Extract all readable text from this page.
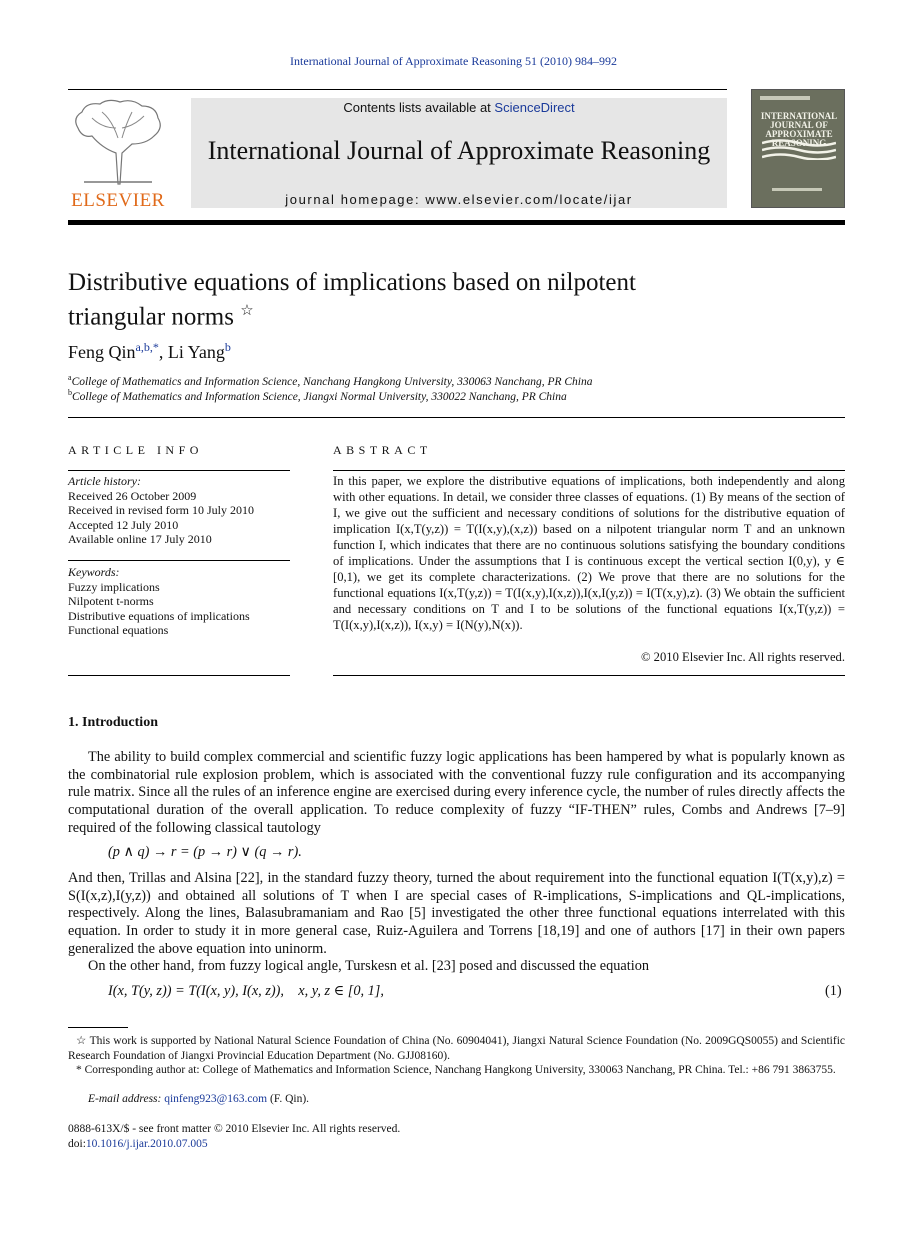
International Journal of Approximate Reasoning 51 (2010) 984–992
ELSEVIER
Contents lists available at ScienceDirect
International Journal of Approximate Reasoning
journal homepage: www.elsevier.com/locate/ijar
INTERNATIONAL JOURNAL OF APPROXIMATE REASONING
Distributive equations of implications based on nilpotent
triangular norms ☆
Feng Qin$^{a,b,*}$, Li Yang$^b$
$^a$College of Mathematics and Information Science, Nanchang Hangkong University, 330063 Nanchang, PR China
$^b$College of Mathematics and Information Science, Jiangxi Normal University, 330022 Nanchang, PR China
ARTICLE INFO
Article history:
Received 26 October 2009
Received in revised form 10 July 2010
Accepted 12 July 2010
Available online 17 July 2010
Keywords:
Fuzzy implications
Nilpotent t-norms
Distributive equations of implications
Functional equations
ABSTRACT
In this paper, we explore the distributive equations of implications, both independently and along with other equations. In detail, we consider three classes of equations. (1) By means of the section of I, we give out the sufficient and necessary conditions of solutions for the distributive equation of implication I(x,T(y,z)) = T(I(x,y),(x,z)) based on a nilpotent triangular norm T and an unknown function I, which indicates that there are no continuous solutions satisfying the boundary conditions of implications. Under the assumptions that I is continuous except the vertical section I(0,y), y ∈ [0,1), we get its complete characterizations. (2) We prove that there are no solutions for the functional equations I(x,T(y,z)) = T(I(x,y),I(x,z)),I(x,I(y,z)) = I(T(x,y),z). (3) We obtain the sufficient and necessary conditions on T and I to be solutions of the functional equations I(x,T(y,z)) = T(I(x,y),I(x,z)), I(x,y) = I(N(y),N(x)).
© 2010 Elsevier Inc. All rights reserved.
1. Introduction
The ability to build complex commercial and scientific fuzzy logic applications has been hampered by what is popularly known as the combinatorial rule explosion problem, which is associated with the conventional fuzzy rule configuration and its accompanying rule matrix. Since all the rules of an inference engine are exercised during every inference cycle, the number of rules directly affects the computational duration of the overall application. To reduce complexity of fuzzy “IF-THEN” rules, Combs and Andrews [7–9] required of the following classical tautology
(p ∧ q) → r = (p → r) ∨ (q → r).
And then, Trillas and Alsina [22], in the standard fuzzy theory, turned the about requirement into the functional equation I(T(x,y),z) = S(I(x,z),I(y,z)) and obtained all solutions of T when I are special cases of R-implications, S-implications and QL-implications, respectively. Along the lines, Balasubramaniam and Rao [5] investigated the other three functional equations interrelated with this equation. In order to study it in more general case, Ruiz-Aguilera and Torrens [18,19] and one of authors [17] in their own papers generalized the above equation into uninorm.
On the other hand, from fuzzy logical angle, Turskesn et al. [23] posed and discussed the equation
I(x, T(y, z)) = T(I(x, y), I(x, z)),    x, y, z ∈ [0, 1],	(1)
☆ This work is supported by National Natural Science Foundation of China (No. 60904041), Jiangxi Natural Science Foundation (No. 2009GQS0055) and Scientific Research Foundation of Jiangxi Provincial Education Department (No. GJJ08160).
* Corresponding author at: College of Mathematics and Information Science, Nanchang Hangkong University, 330063 Nanchang, PR China. Tel.: +86 791 3863755.
E-mail address: qinfeng923@163.com (F. Qin).
0888-613X/$ - see front matter © 2010 Elsevier Inc. All rights reserved.
doi:10.1016/j.ijar.2010.07.005
